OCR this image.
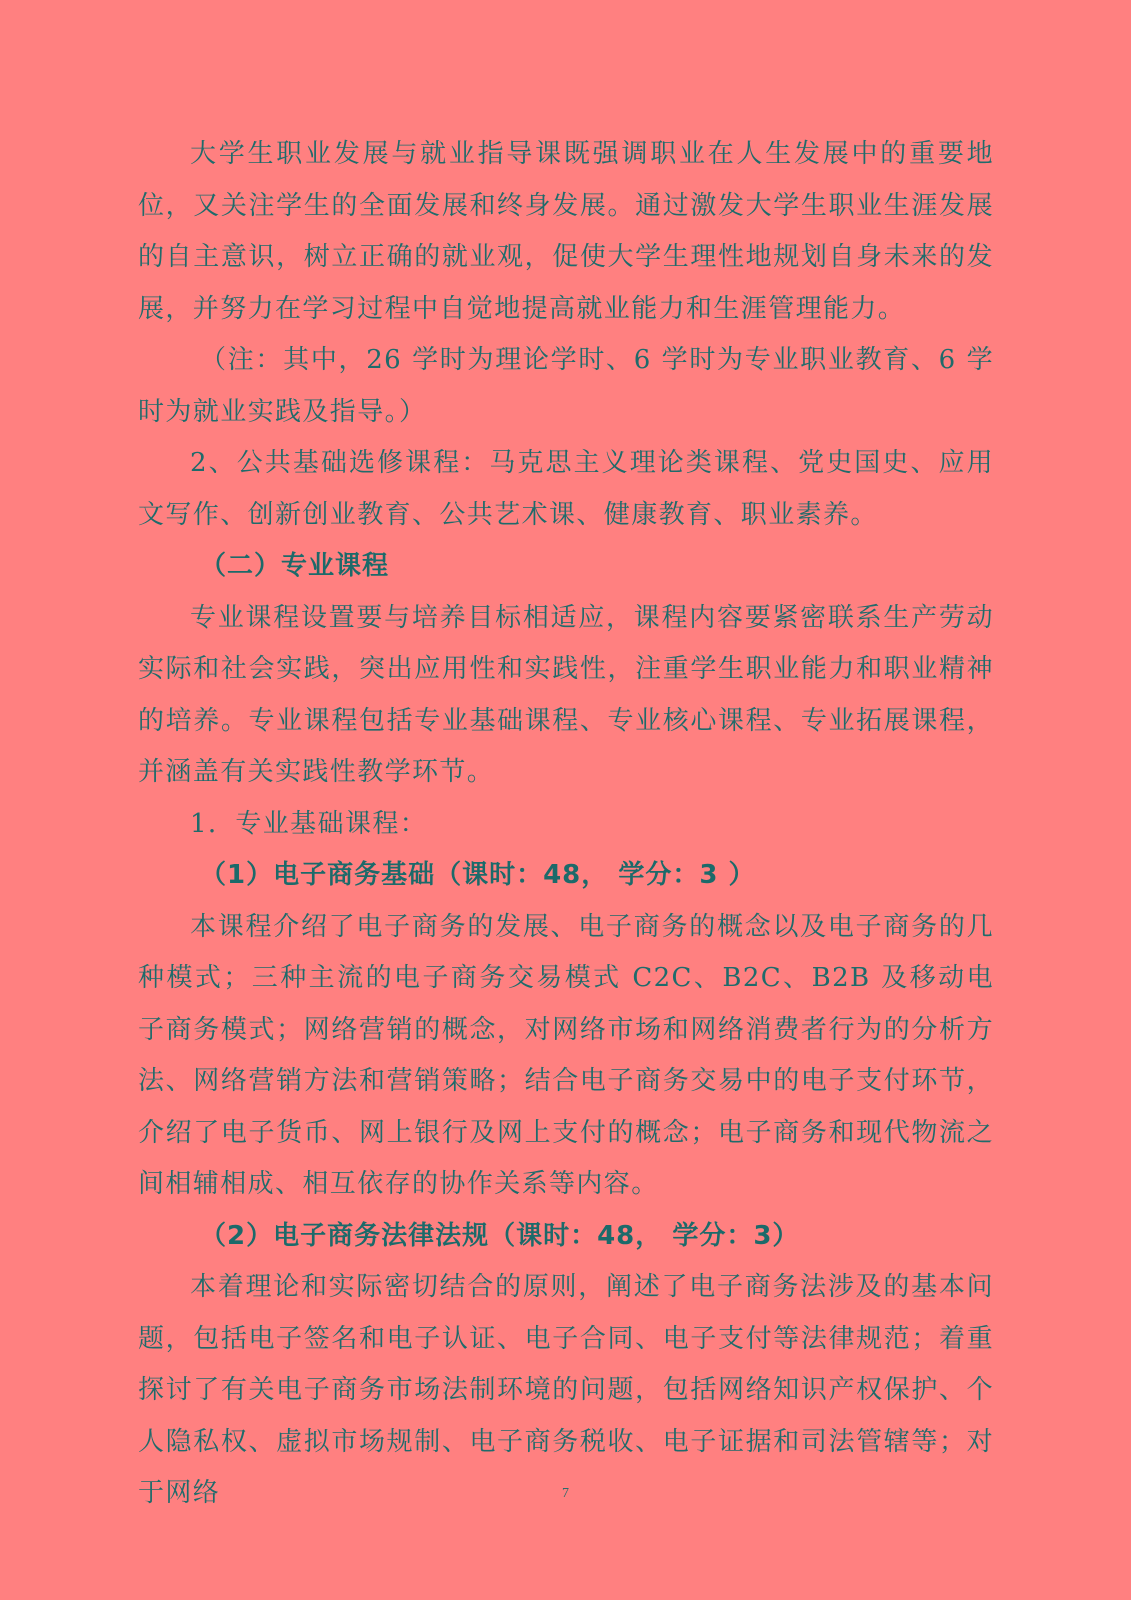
大学生职业发展与就业指导课既强调职业在人生发展中的重要地位，又关注学生的全面发展和终身发展。通过激发大学生职业生涯发展的自主意识，树立正确的就业观，促使大学生理性地规划自身未来的发展，并努力在学习过程中自觉地提高就业能力和生涯管理能力。

（注：其中，26 学时为理论学时、6 学时为专业职业教育、6 学时为就业实践及指导。）

2、公共基础选修课程：马克思主义理论类课程、党史国史、应用文写作、创新创业教育、公共艺术课、健康教育、职业素养。

（二）专业课程

专业课程设置要与培养目标相适应，课程内容要紧密联系生产劳动实际和社会实践，突出应用性和实践性，注重学生职业能力和职业精神的培养。专业课程包括专业基础课程、专业核心课程、专业拓展课程，并涵盖有关实践性教学环节。

1．专业基础课程：

（1）电子商务基础（课时：48， 学分：3 ）

本课程介绍了电子商务的发展、电子商务的概念以及电子商务的几种模式；三种主流的电子商务交易模式 C2C、B2C、B2B 及移动电子商务模式；网络营销的概念，对网络市场和网络消费者行为的分析方法、网络营销方法和营销策略；结合电子商务交易中的电子支付环节，介绍了电子货币、网上银行及网上支付的概念；电子商务和现代物流之间相辅相成、相互依存的协作关系等内容。

（2）电子商务法律法规（课时：48， 学分：3）

本着理论和实际密切结合的原则，阐述了电子商务法涉及的基本问题，包括电子签名和电子认证、电子合同、电子支付等法律规范；着重探讨了有关电子商务市场法制环境的问题，包括网络知识产权保护、个人隐私权、虚拟市场规制、电子商务税收、电子证据和司法管辖等；对于网络	7
